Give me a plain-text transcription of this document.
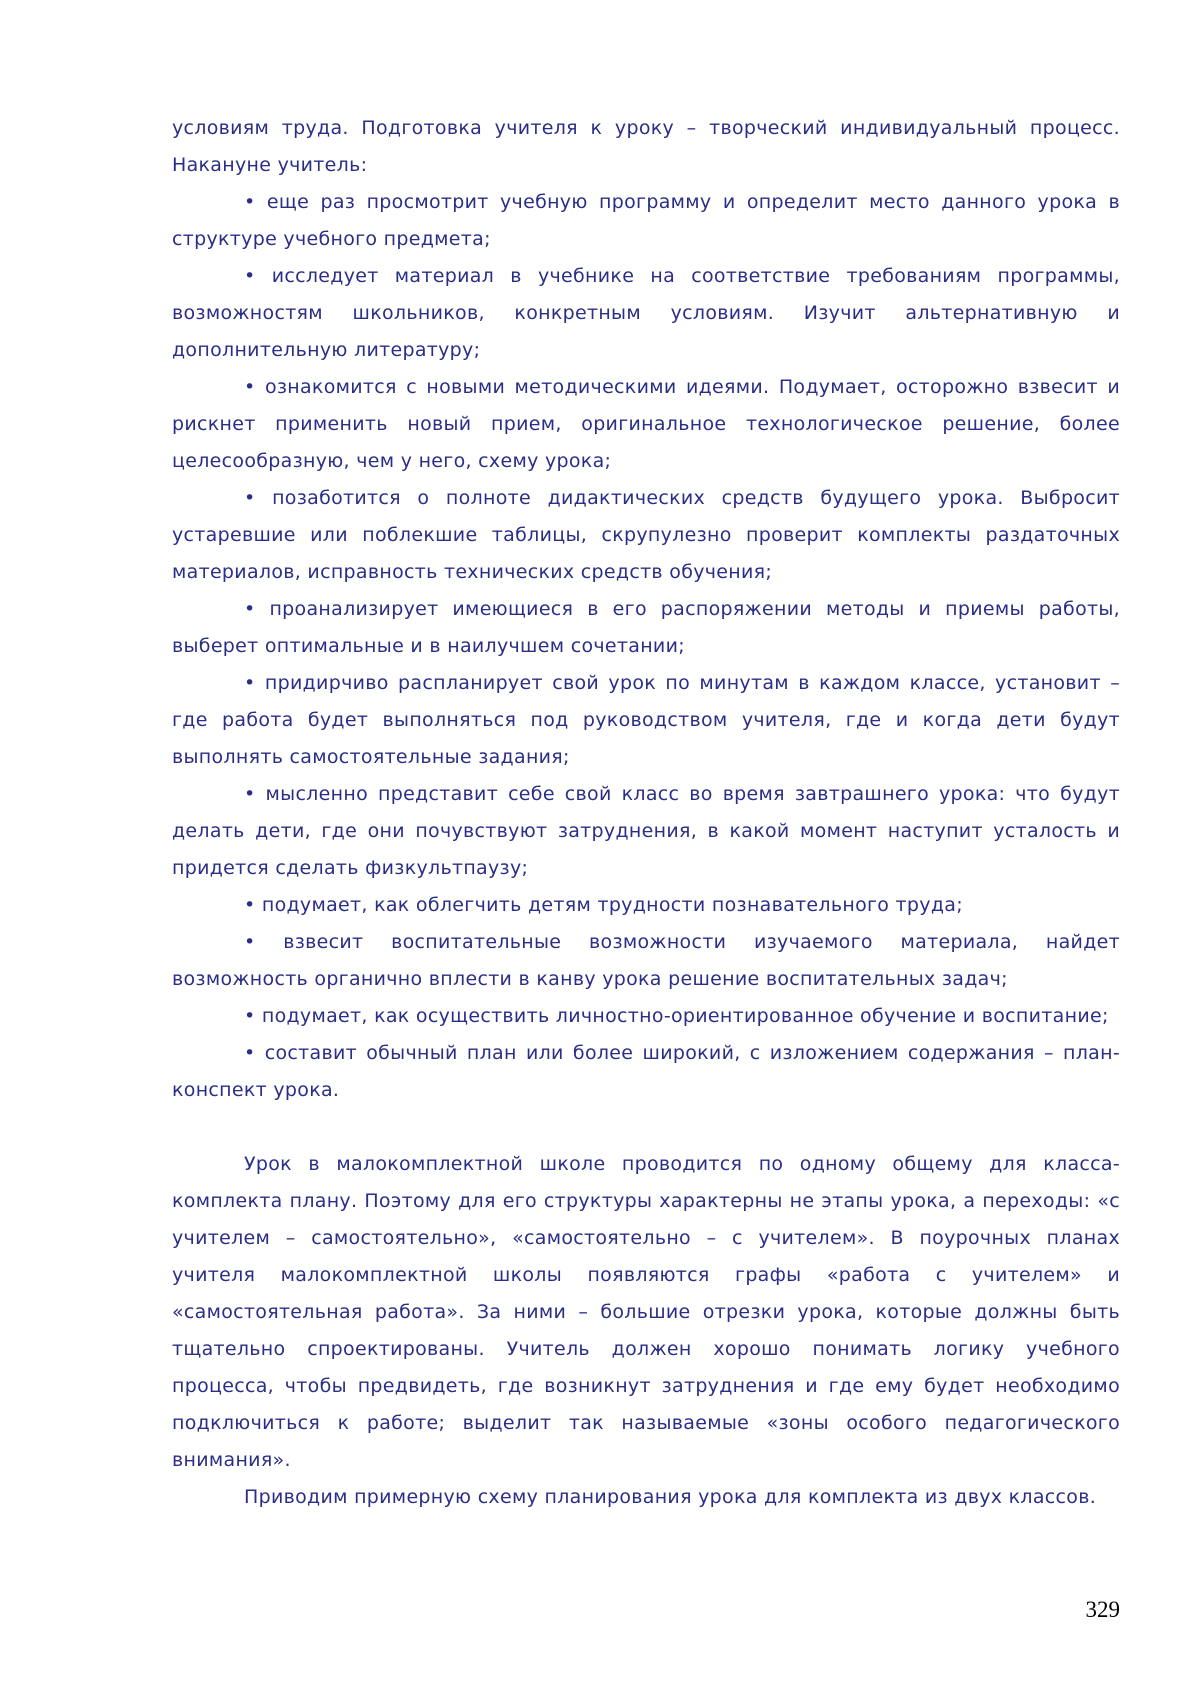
условиям труда. Подготовка учителя к уроку – творческий индивидуальный процесс. Накануне учитель:

• еще раз просмотрит учебную программу и определит место данного урока в структуре учебного предмета;

• исследует материал в учебнике на соответствие требованиям программы, возможностям школьников, конкретным условиям. Изучит альтернативную и дополнительную литературу;

• ознакомится с новыми методическими идеями. Подумает, осторожно взвесит и рискнет применить новый прием, оригинальное технологическое решение, более целесообразную, чем у него, схему урока;

• позаботится о полноте дидактических средств будущего урока. Выбросит устаревшие или поблекшие таблицы, скрупулезно проверит комплекты раздаточных материалов, исправность технических средств обучения;

• проанализирует имеющиеся в его распоряжении методы и приемы работы, выберет оптимальные и в наилучшем сочетании;

• придирчиво распланирует свой урок по минутам в каждом классе, установит – где работа будет выполняться под руководством учителя, где и когда дети будут выполнять самостоятельные задания;

• мысленно представит себе свой класс во время завтрашнего урока: что будут делать дети, где они почувствуют затруднения, в какой момент наступит усталость и придется сделать физкультпаузу;

• подумает, как облегчить детям трудности познавательного труда;

• взвесит воспитательные возможности изучаемого материала, найдет возможность органично вплести в канву урока решение воспитательных задач;

• подумает, как осуществить личностно-ориентированное обучение и воспитание;

• составит обычный план или более широкий, с изложением содержания – план-конспект урока.

Урок в малокомплектной школе проводится по одному общему для класса-комплекта плану. Поэтому для его структуры характерны не этапы урока, а переходы: «с учителем – самостоятельно», «самостоятельно – с учителем». В поурочных планах учителя малокомплектной школы появляются графы «работа с учителем» и «самостоятельная работа». За ними – большие отрезки урока, которые должны быть тщательно спроектированы. Учитель должен хорошо понимать логику учебного процесса, чтобы предвидеть, где возникнут затруднения и где ему будет необходимо подключиться к работе; выделит так называемые «зоны особого педагогического внимания».

Приводим примерную схему планирования урока для комплекта из двух классов.

329
